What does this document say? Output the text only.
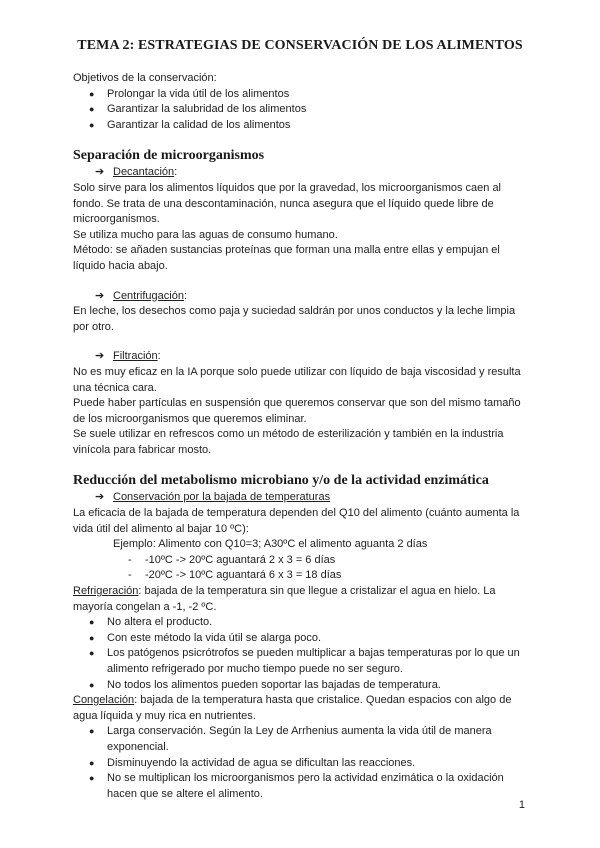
TEMA 2: ESTRATEGIAS DE CONSERVACIÓN DE LOS ALIMENTOS

Objetivos de la conservación:

● Prolongar la vida útil de los alimentos
● Garantizar la salubridad de los alimentos
● Garantizar la calidad de los alimentos

Separación de microorganismos

➔ Decantación:

Solo sirve para los alimentos líquidos que por la gravedad, los microorganismos caen al fondo. Se trata de una descontaminación, nunca asegura que el líquido quede libre de microorganismos.

Se utiliza mucho para las aguas de consumo humano.

Método: se añaden sustancias proteínas que forman una malla entre ellas y empujan el líquido hacia abajo.

➔ Centrifugación:

En leche, los desechos como paja y suciedad saldrán por unos conductos y la leche limpia por otro.

➔ Filtración:

No es muy eficaz en la IA porque solo puede utilizar con líquido de baja viscosidad y resulta una técnica cara.

Puede haber partículas en suspensión que queremos conservar que son del mismo tamaño de los microorganismos que queremos eliminar.

Se suele utilizar en refrescos como un método de esterilización y también en la industria vinícola para fabricar mosto.

Reducción del metabolismo microbiano y/o de la actividad enzimática

➔ Conservación por la bajada de temperaturas

La eficacia de la bajada de temperatura dependen del Q10 del alimento (cuánto aumenta la vida útil del alimento al bajar 10 ºC):

Ejemplo: Alimento con Q10=3; A30ºC el alimento aguanta 2 días

- -10ºC -> 20ºC aguantará 2 x 3 = 6 días
- -20ºC -> 10ºC aguantará 6 x 3 = 18 días

Refrigeración: bajada de la temperatura sin que llegue a cristalizar el agua en hielo. La mayoría congelan a -1, -2 ºC.

● No altera el producto.
● Con este método la vida útil se alarga poco.
● Los patógenos psicrótrofos se pueden multiplicar a bajas temperaturas por lo que un alimento refrigerado por mucho tiempo puede no ser seguro.
● No todos los alimentos pueden soportar las bajadas de temperatura.

Congelación: bajada de la temperatura hasta que cristalice. Quedan espacios con algo de agua líquida y muy rica en nutrientes.

● Larga conservación. Según la Ley de Arrhenius aumenta la vida útil de manera exponencial.
● Disminuyendo la actividad de agua se dificultan las reacciones.
● No se multiplican los microorganismos pero la actividad enzimática o la oxidación hacen que se altere el alimento.
1
